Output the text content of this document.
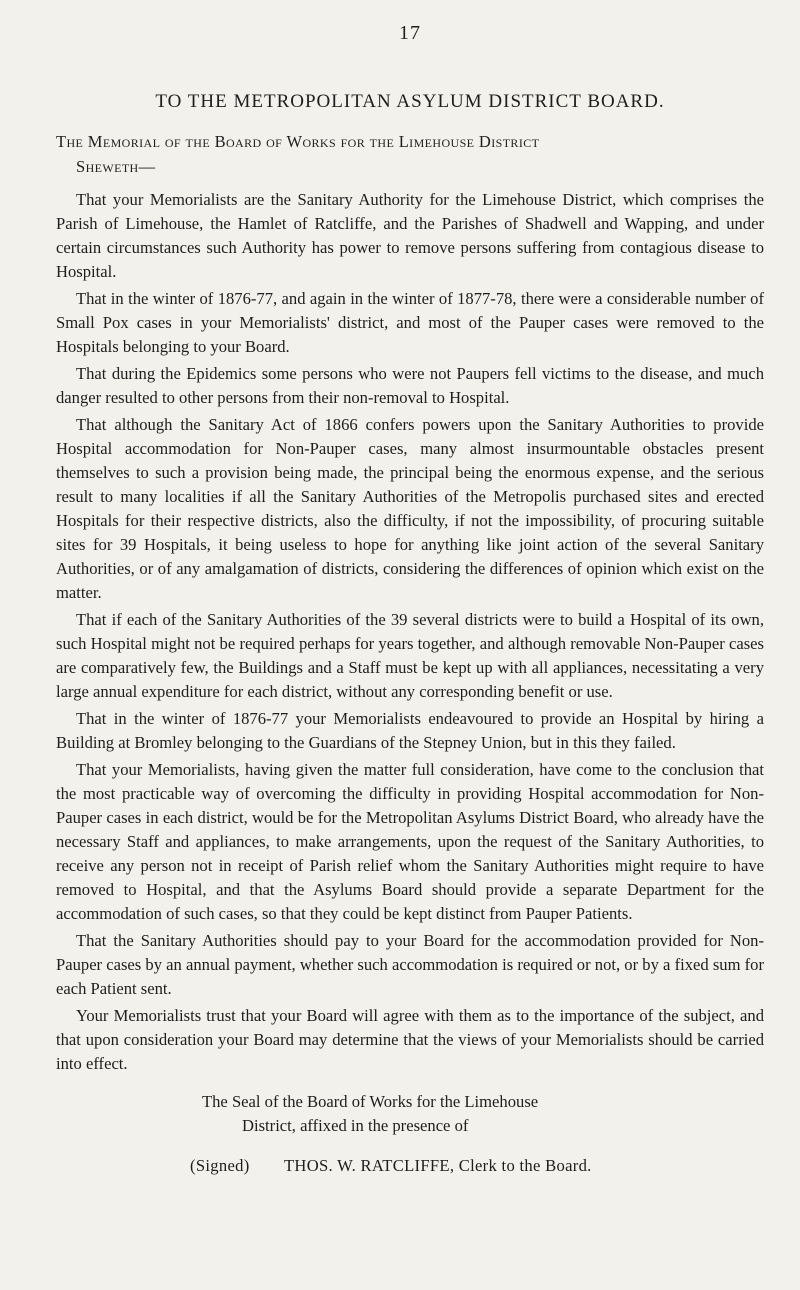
17
TO THE METROPOLITAN ASYLUM DISTRICT BOARD.
The Memorial of the Board of Works for the Limehouse District
Sheweth—

That your Memorialists are the Sanitary Authority for the Limehouse District, which comprises the Parish of Limehouse, the Hamlet of Ratcliffe, and the Parishes of Shadwell and Wapping, and under certain circumstances such Authority has power to remove persons suffering from contagious disease to Hospital.

That in the winter of 1876-77, and again in the winter of 1877-78, there were a considerable number of Small Pox cases in your Memorialists' district, and most of the Pauper cases were removed to the Hospitals belonging to your Board.

That during the Epidemics some persons who were not Paupers fell victims to the disease, and much danger resulted to other persons from their non-removal to Hospital.

That although the Sanitary Act of 1866 confers powers upon the Sanitary Authorities to provide Hospital accommodation for Non-Pauper cases, many almost insurmountable obstacles present themselves to such a provision being made, the principal being the enormous expense, and the serious result to many localities if all the Sanitary Authorities of the Metropolis purchased sites and erected Hospitals for their respective districts, also the difficulty, if not the impossibility, of procuring suitable sites for 39 Hospitals, it being useless to hope for anything like joint action of the several Sanitary Authorities, or of any amalgamation of districts, considering the differences of opinion which exist on the matter.

That if each of the Sanitary Authorities of the 39 several districts were to build a Hospital of its own, such Hospital might not be required perhaps for years together, and although removable Non-Pauper cases are comparatively few, the Buildings and a Staff must be kept up with all appliances, necessitating a very large annual expenditure for each district, without any corresponding benefit or use.

That in the winter of 1876-77 your Memorialists endeavoured to provide an Hospital by hiring a Building at Bromley belonging to the Guardians of the Stepney Union, but in this they failed.

That your Memorialists, having given the matter full consideration, have come to the conclusion that the most practicable way of overcoming the difficulty in providing Hospital accommodation for Non-Pauper cases in each district, would be for the Metropolitan Asylums District Board, who already have the necessary Staff and appliances, to make arrangements, upon the request of the Sanitary Authorities, to receive any person not in receipt of Parish relief whom the Sanitary Authorities might require to have removed to Hospital, and that the Asylums Board should provide a separate Department for the accommodation of such cases, so that they could be kept distinct from Pauper Patients.

That the Sanitary Authorities should pay to your Board for the accommodation provided for Non-Pauper cases by an annual payment, whether such accommodation is required or not, or by a fixed sum for each Patient sent.

Your Memorialists trust that your Board will agree with them as to the importance of the subject, and that upon consideration your Board may determine that the views of your Memorialists should be carried into effect.

The Seal of the Board of Works for the Limehouse
District, affixed in the presence of
(Signed) THOS. W. RATCLIFFE, Clerk to the Board.
